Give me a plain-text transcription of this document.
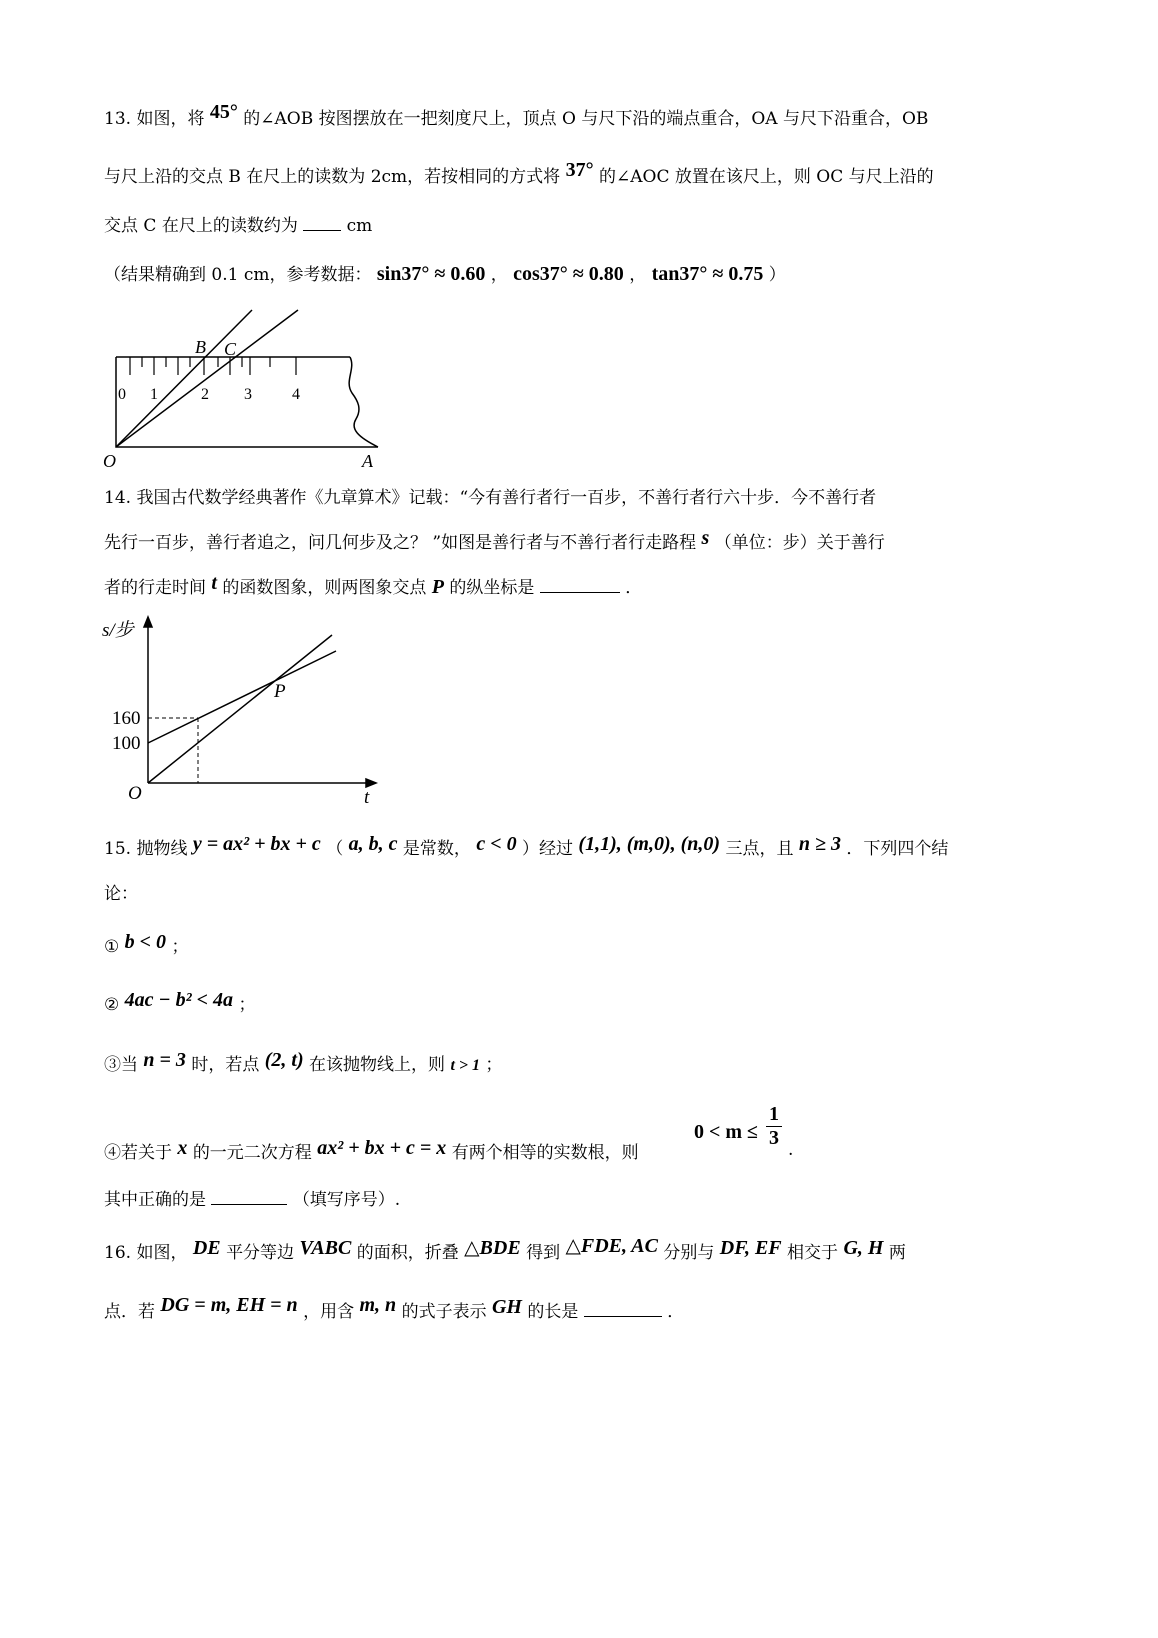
13. 如图，将 45° 的∠AOB 按图摆放在一把刻度尺上，顶点 O 与尺下沿的端点重合，OA 与尺下沿重合，OB
与尺上沿的交点 B 在尺上的读数为 2cm，若按相同的方式将 37° 的∠AOC 放置在该尺上，则 OC 与尺上沿的
交点 C 在尺上的读数约为	cm
（结果精确到 0.1 cm，参考数据： sin37° ≈ 0.60 ， cos37° ≈ 0.80 ， tan37° ≈ 0.75 ）
0 1	2 3	4
B C
O	A
14. 我国古代数学经典著作《九章算术》记载：“今有善行者行一百步，不善行者行六十步．今不善行者
先行一百步，善行者追之，问几何步及之？ ”如图是善行者与不善行者行走路程 s （单位：步）关于善行
者的行走时间 t 的函数图象，则两图象交点 P 的纵坐标是	．
s/步
160
100
O	t
P
15. 抛物线 y = ax² + bx + c （ a, b, c 是常数， c < 0 ）经过 (1,1), (m,0), (n,0) 三点，且 n ≥ 3 ．下列四个结
论：
① b < 0 ；
② 4ac − b² < 4a ；
③当 n = 3 时，若点 (2, t) 在该抛物线上，则 t > 1 ；
④若关于 x 的一元二次方程 ax² + bx + c = x 有两个相等的实数根，则
$0 < m \le \frac{1}{3}$ .
其中正确的是	（填写序号）.
16. 如图， DE 平分等边 VABC 的面积，折叠 △BDE 得到 △FDE, AC 分别与 DF, EF 相交于 G, H 两
点．若 DG = m, EH = n ，用含 m, n 的式子表示 GH 的长是	．
